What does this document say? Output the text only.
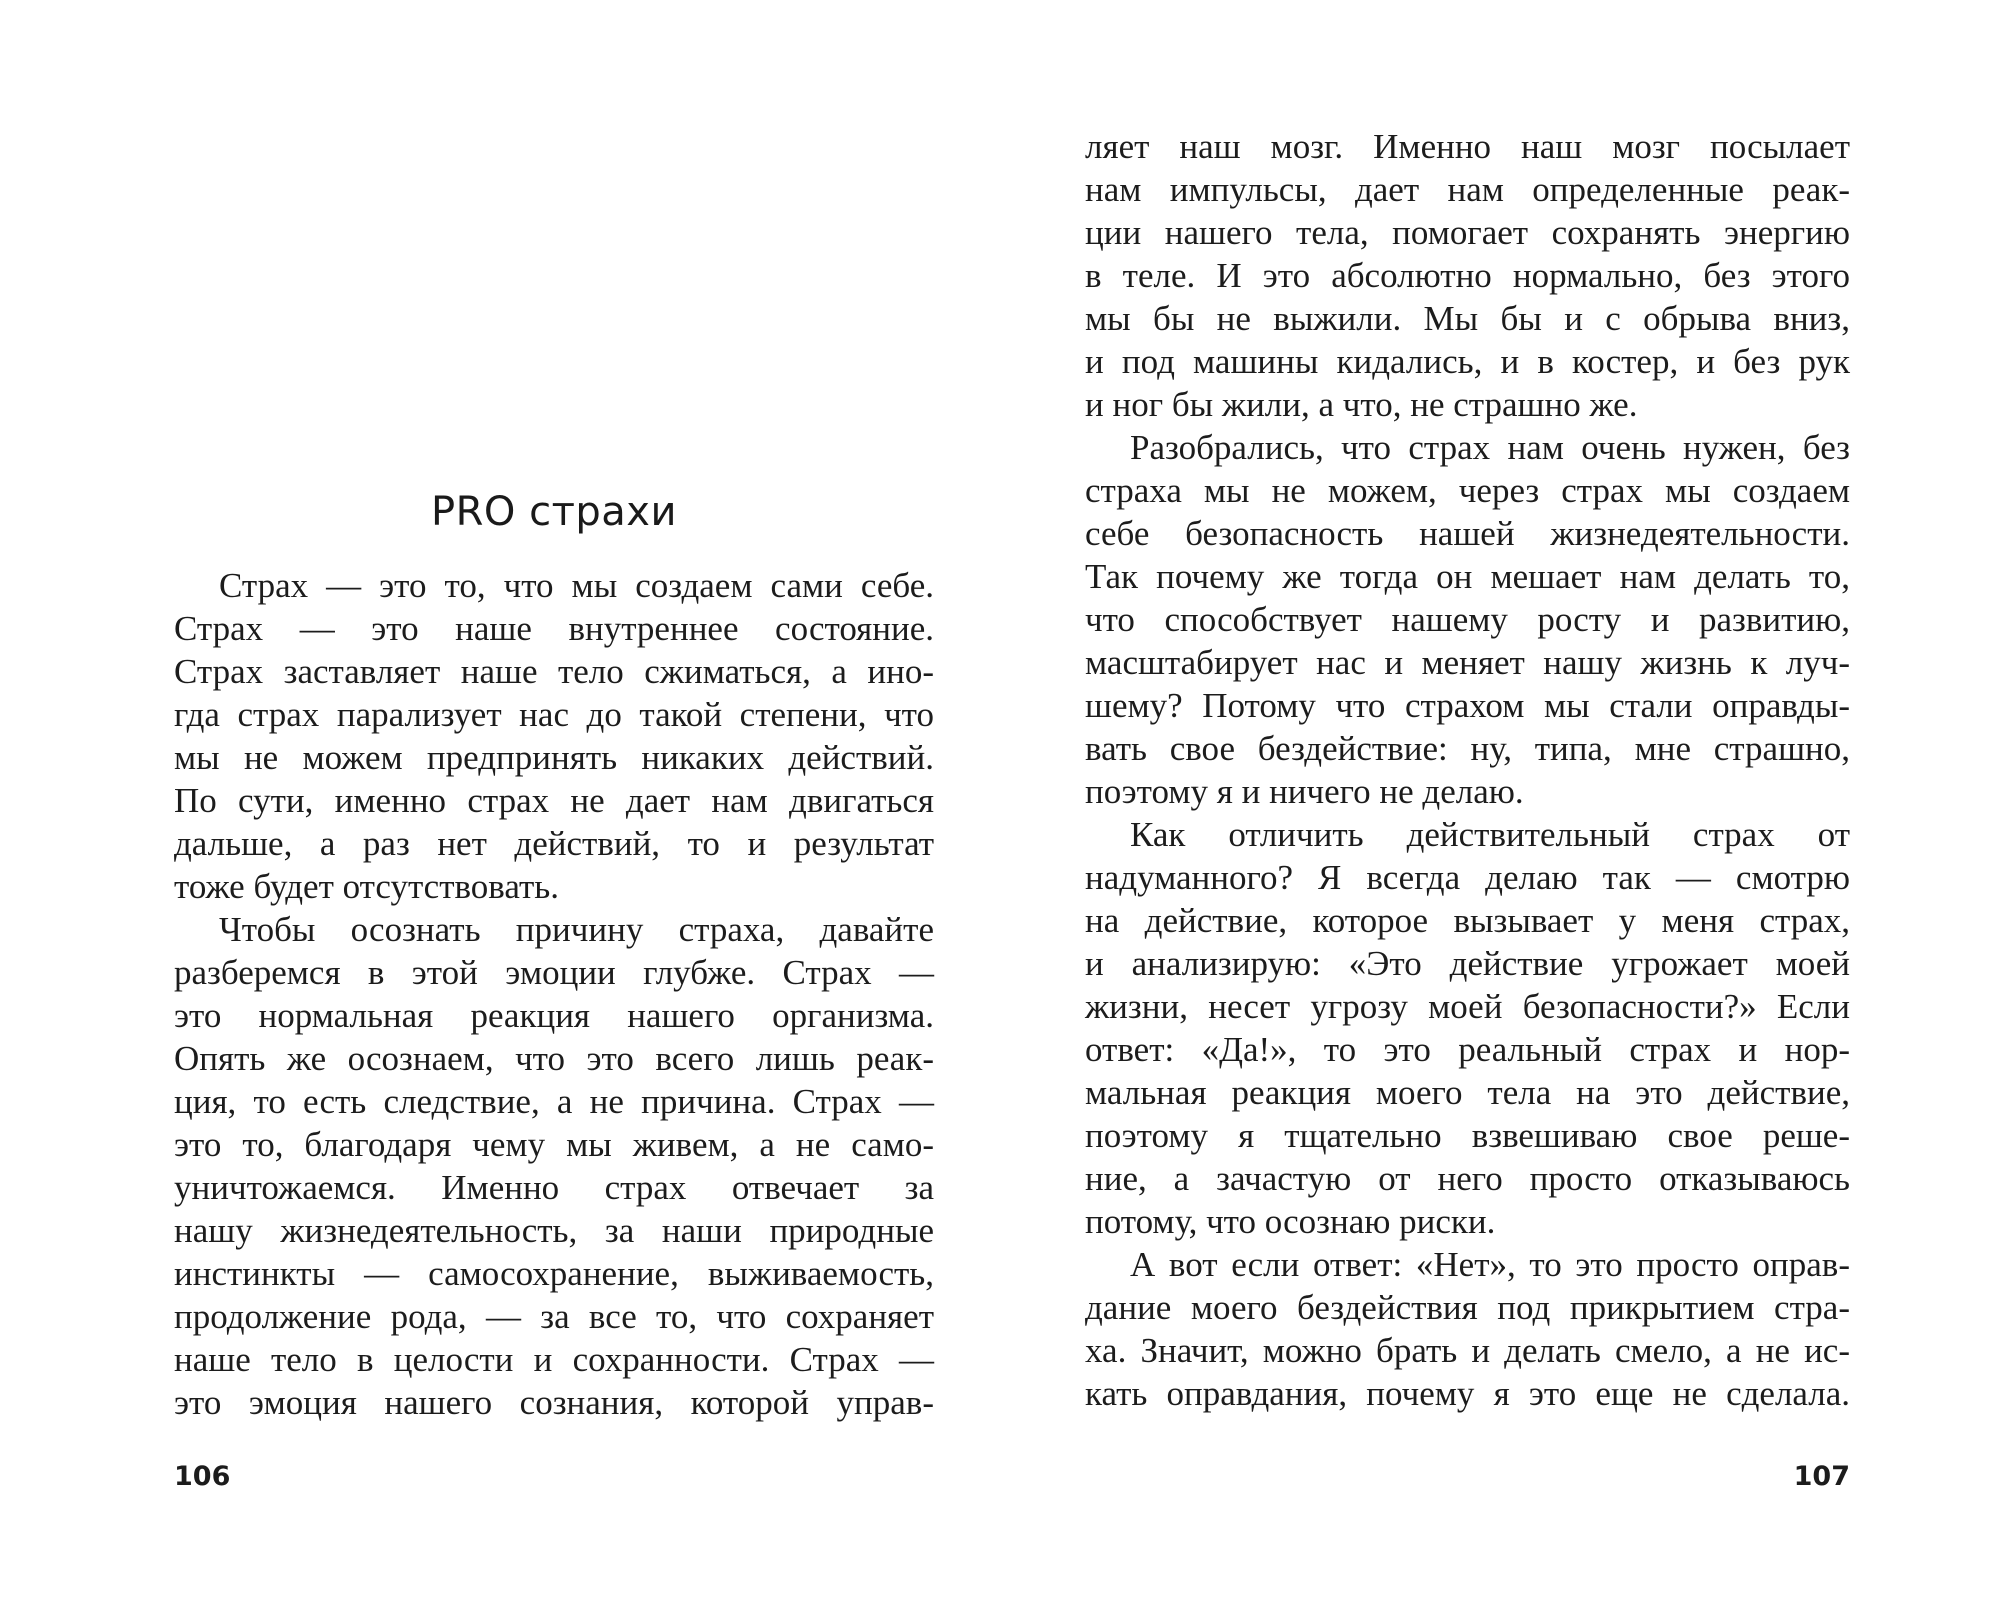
PRO страхи
Страх — это то, что мы создаем сами себе.
Страх — это наше внутреннее состояние.
Страх заставляет наше тело сжиматься, а ино-
гда страх парализует нас до такой степени, что
мы не можем предпринять никаких действий.
По сути, именно страх не дает нам двигаться
дальше, а раз нет действий, то и результат
тоже будет отсутствовать.
Чтобы осознать причину страха, давайте
разберемся в этой эмоции глубже. Страх —
это нормальная реакция нашего организма.
Опять же осознаем, что это всего лишь реак-
ция, то есть следствие, а не причина. Страх —
это то, благодаря чему мы живем, а не само-
уничтожаемся. Именно страх отвечает за
нашу жизнедеятельность, за наши природные
инстинкты — самосохранение, выживаемость,
продолжение рода, — за все то, что сохраняет
наше тело в целости и сохранности. Страх —
это эмоция нашего сознания, которой управ-

106

ляет наш мозг. Именно наш мозг посылает
нам импульсы, дает нам определенные реак-
ции нашего тела, помогает сохранять энергию
в теле. И это абсолютно нормально, без этого
мы бы не выжили. Мы бы и с обрыва вниз,
и под машины кидались, и в костер, и без рук
и ног бы жили, а что, не страшно же.
Разобрались, что страх нам очень нужен, без
страха мы не можем, через страх мы создаем
себе безопасность нашей жизнедеятельности.
Так почему же тогда он мешает нам делать то,
что способствует нашему росту и развитию,
масштабирует нас и меняет нашу жизнь к луч-
шему? Потому что страхом мы стали оправды-
вать свое бездействие: ну, типа, мне страшно,
поэтому я и ничего не делаю.
Как отличить действительный страх от
надуманного? Я всегда делаю так — смотрю
на действие, которое вызывает у меня страх,
и анализирую: «Это действие угрожает моей
жизни, несет угрозу моей безопасности?» Если
ответ: «Да!», то это реальный страх и нор-
мальная реакция моего тела на это действие,
поэтому я тщательно взвешиваю свое реше-
ние, а зачастую от него просто отказываюсь
потому, что осознаю риски.
А вот если ответ: «Нет», то это просто оправ-
дание моего бездействия под прикрытием стра-
ха. Значит, можно брать и делать смело, а не ис-
кать оправдания, почему я это еще не сделала.

107
